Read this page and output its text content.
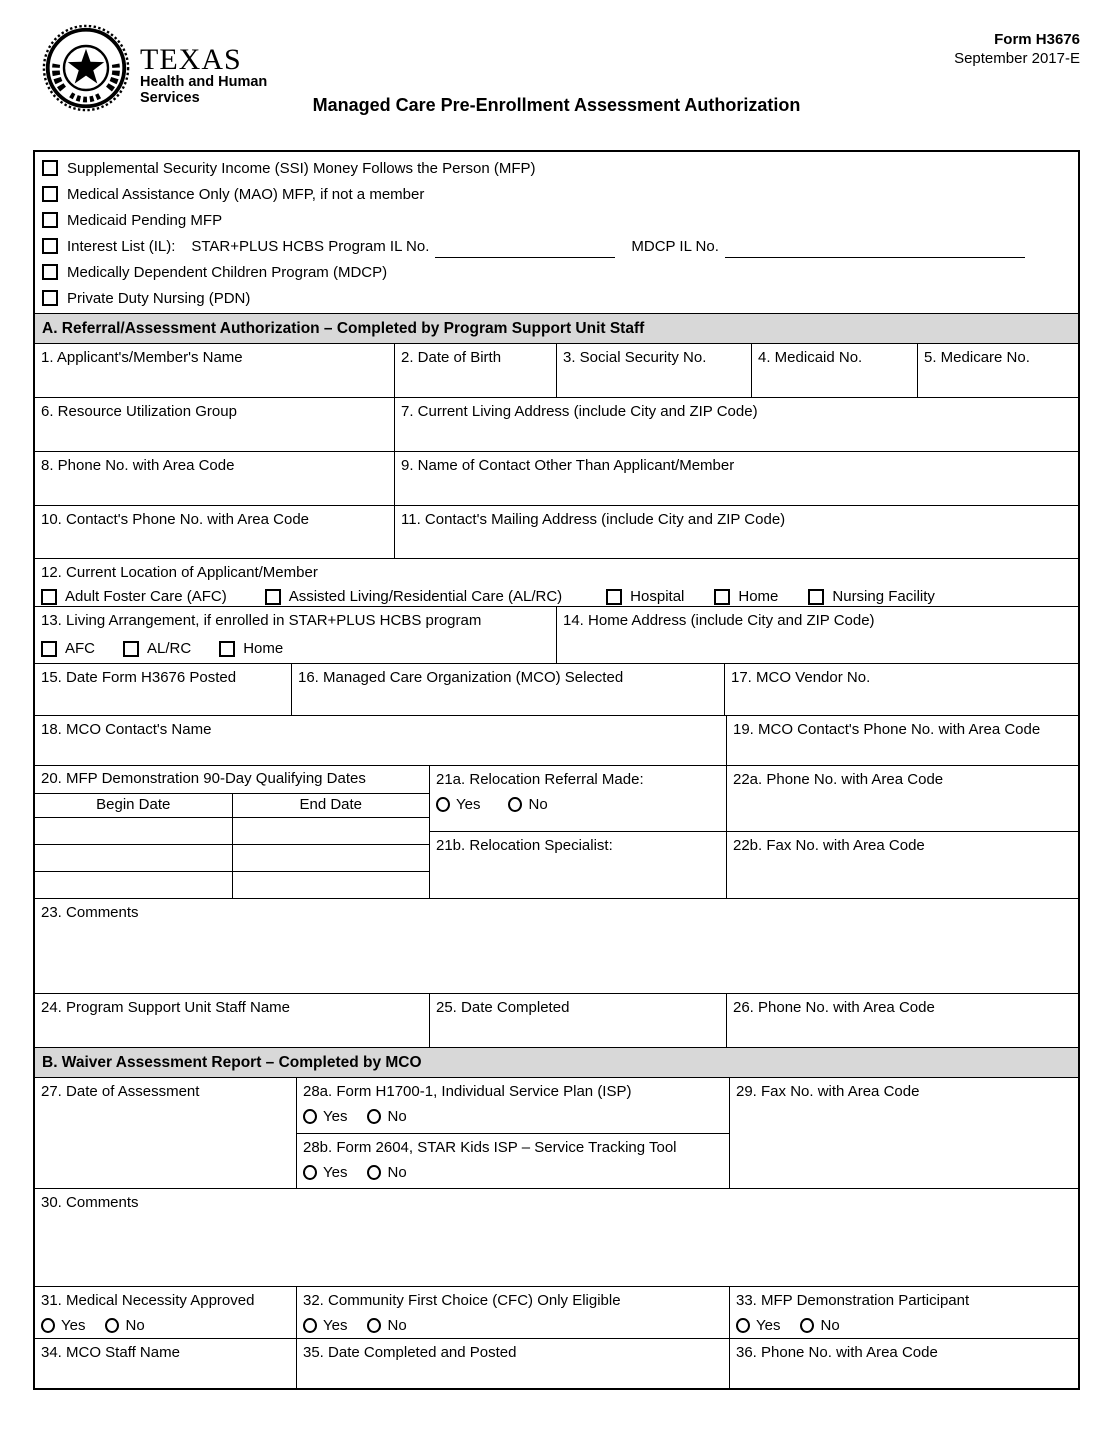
TEXAS
Health and Human
Services
Form H3676
September 2017-E
Managed Care Pre-Enrollment Assessment Authorization
Supplemental Security Income (SSI) Money Follows the Person (MFP)
Medical Assistance Only (MAO) MFP, if not a member
Medicaid Pending MFP
Interest List (IL): STAR+PLUS HCBS Program IL No.	MDCP IL No.
Medically Dependent Children Program (MDCP)
Private Duty Nursing (PDN)
A. Referral/Assessment Authorization – Completed by Program Support Unit Staff
1. Applicant's/Member's Name	2. Date of Birth	3. Social Security No.	4. Medicaid No.	5. Medicare No.
6. Resource Utilization Group	7. Current Living Address (include City and ZIP Code)
8. Phone No. with Area Code	9. Name of Contact Other Than Applicant/Member
10. Contact's Phone No. with Area Code	11. Contact's Mailing Address (include City and ZIP Code)
12. Current Location of Applicant/Member
Adult Foster Care (AFC)	Assisted Living/Residential Care (AL/RC)	Hospital	Home	Nursing Facility
13. Living Arrangement, if enrolled in STAR+PLUS HCBS program
AFC	AL/RC	Home
14. Home Address (include City and ZIP Code)
15. Date Form H3676 Posted	16. Managed Care Organization (MCO) Selected	17. MCO Vendor No.
18. MCO Contact's Name	19. MCO Contact's Phone No. with Area Code
20. MFP Demonstration 90-Day Qualifying Dates
Begin Date	End Date
21a. Relocation Referral Made:
Yes	No
21b. Relocation Specialist:
22a. Phone No. with Area Code
22b. Fax No. with Area Code
23. Comments
24. Program Support Unit Staff Name	25. Date Completed	26. Phone No. with Area Code
B. Waiver Assessment Report – Completed by MCO
27. Date of Assessment	28a. Form H1700-1, Individual Service Plan (ISP)
Yes	No
28b. Form 2604, STAR Kids ISP – Service Tracking Tool
Yes	No
29. Fax No. with Area Code
30. Comments
31. Medical Necessity Approved
Yes	No
32. Community First Choice (CFC) Only Eligible
Yes	No
33. MFP Demonstration Participant
Yes	No
34. MCO Staff Name	35. Date Completed and Posted	36. Phone No. with Area Code
